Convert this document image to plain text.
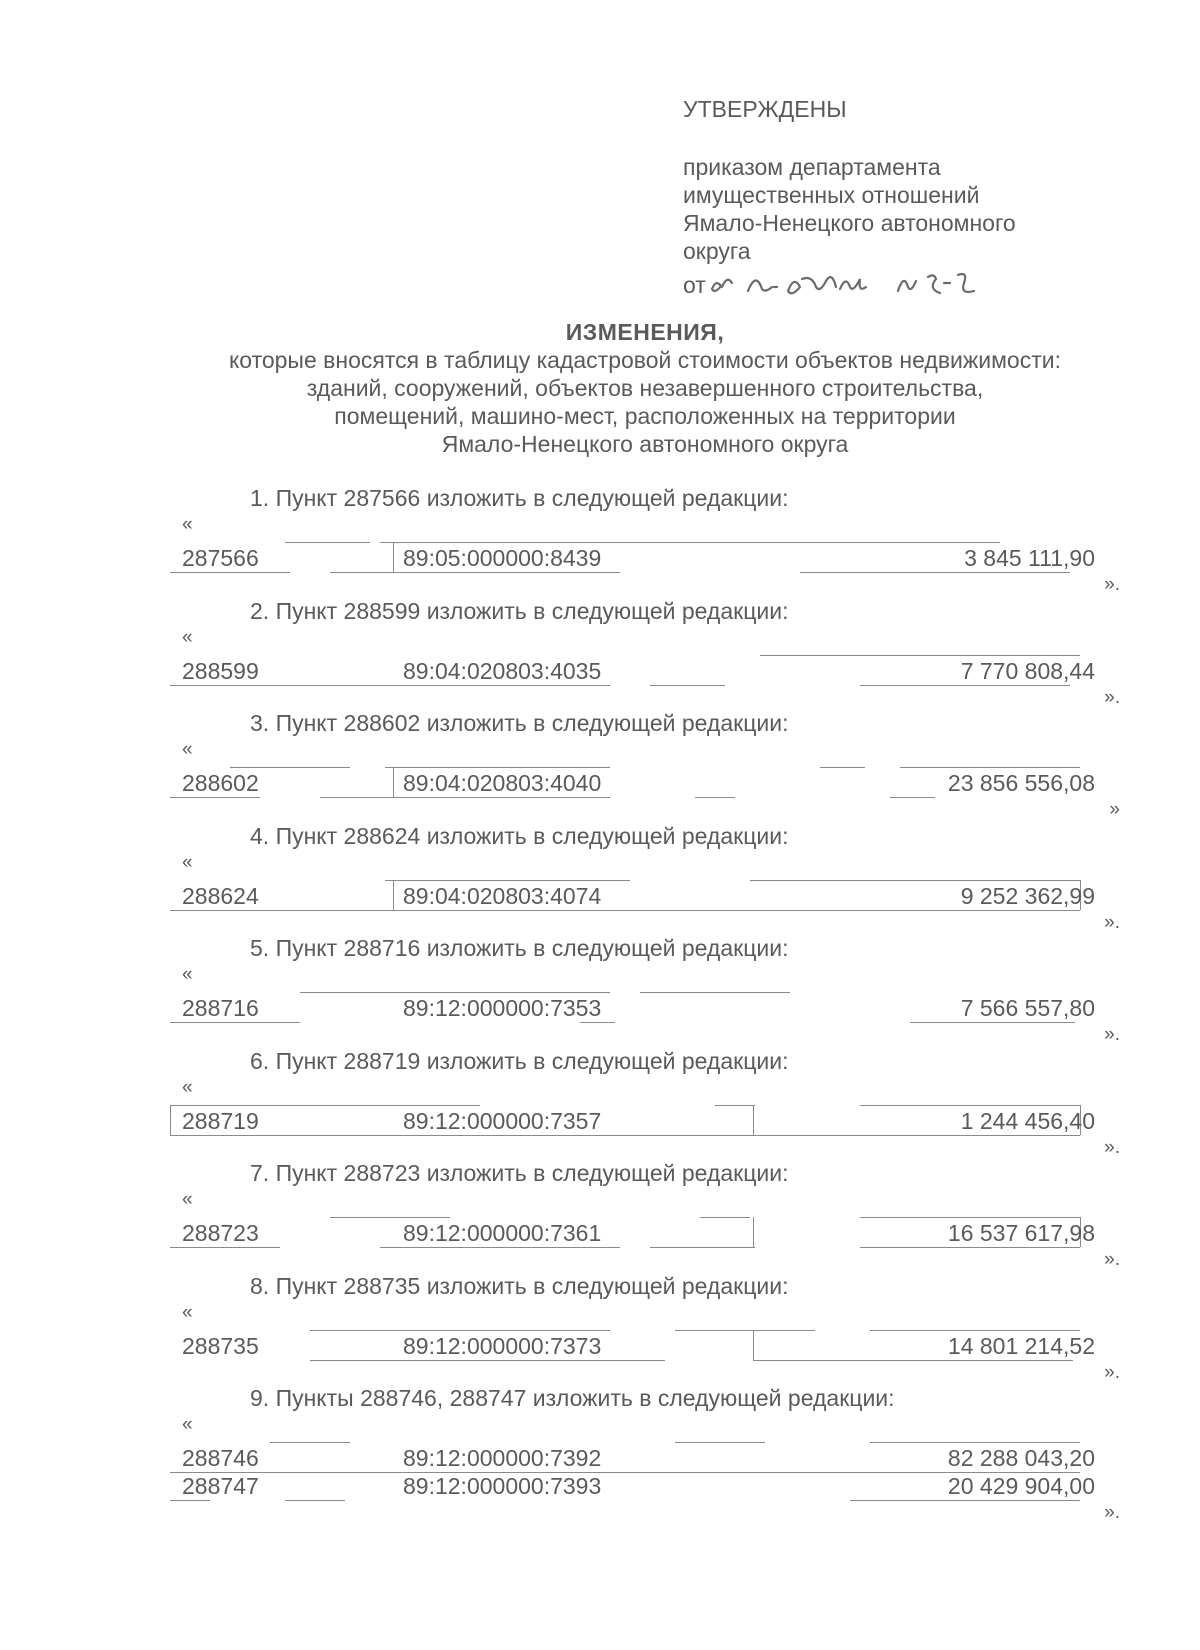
УТВЕРЖДЕНЫ
приказом департамента
имущественных отношений
Ямало-Ненецкого автономного
округа
от
ИЗМЕНЕНИЯ,
которые вносятся в таблицу кадастровой стоимости объектов недвижимости:
зданий, сооружений, объектов незавершенного строительства,
помещений, машино-мест, расположенных на территории
Ямало-Ненецкого автономного округа
1. Пункт 287566 изложить в следующей редакции:
«
287566	89:05:000000:8439	3 845 111,90
».
2. Пункт 288599 изложить в следующей редакции:
«
288599	89:04:020803:4035	7 770 808,44
».
3. Пункт 288602 изложить в следующей редакции:
«
288602	89:04:020803:4040	23 856 556,08
»
4. Пункт 288624 изложить в следующей редакции:
«
288624	89:04:020803:4074	9 252 362,99
».
5. Пункт 288716 изложить в следующей редакции:
«
288716	89:12:000000:7353	7 566 557,80
».
6. Пункт 288719 изложить в следующей редакции:
«
288719	89:12:000000:7357	1 244 456,40
».
7. Пункт 288723 изложить в следующей редакции:
«
288723	89:12:000000:7361	16 537 617,98
».
8. Пункт 288735 изложить в следующей редакции:
«
288735	89:12:000000:7373	14 801 214,52
».
9. Пункты 288746, 288747 изложить в следующей редакции:
«
288746	89:12:000000:7392	82 288 043,20
288747	89:12:000000:7393	20 429 904,00
».
